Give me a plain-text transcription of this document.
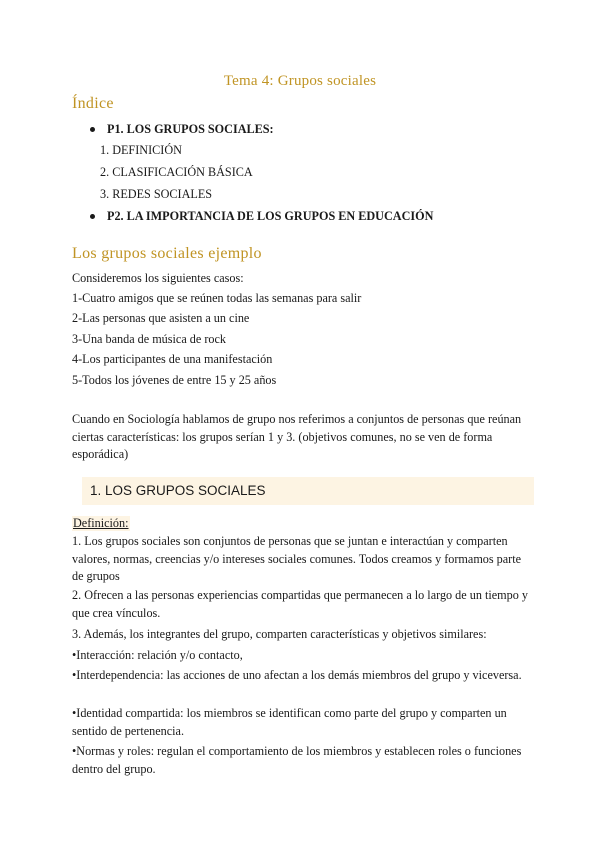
Tema 4: Grupos sociales
Índice
P1. LOS GRUPOS SOCIALES:
1. DEFINICIÓN
2. CLASIFICACIÓN BÁSICA
3. REDES SOCIALES
P2. LA IMPORTANCIA DE LOS GRUPOS EN EDUCACIÓN
Los grupos sociales ejemplo
Consideremos los siguientes casos:
1-Cuatro amigos que se reúnen todas las semanas para salir
2-Las personas que asisten a un cine
3-Una banda de música de rock
4-Los participantes de una manifestación
5-Todos los jóvenes de entre 15 y 25 años
Cuando en Sociología hablamos de grupo nos referimos a conjuntos de personas que reúnan ciertas características: los grupos serían 1 y 3. (objetivos comunes, no se ven de forma esporádica)
1. LOS GRUPOS SOCIALES
Definición:
1. Los grupos sociales son conjuntos de personas que se juntan e interactúan y comparten valores, normas, creencias y/o intereses sociales comunes. Todos creamos y formamos parte de grupos
2. Ofrecen a las personas experiencias compartidas que permanecen a lo largo de un tiempo y que crea vínculos.
3. Además, los integrantes del grupo, comparten características y objetivos similares:
•Interacción: relación y/o contacto,
•Interdependencia: las acciones de uno afectan a los demás miembros del grupo y viceversa.
•Identidad compartida: los miembros se identifican como parte del grupo y comparten un sentido de pertenencia.
•Normas y roles: regulan el comportamiento de los miembros y establecen roles o funciones dentro del grupo.
